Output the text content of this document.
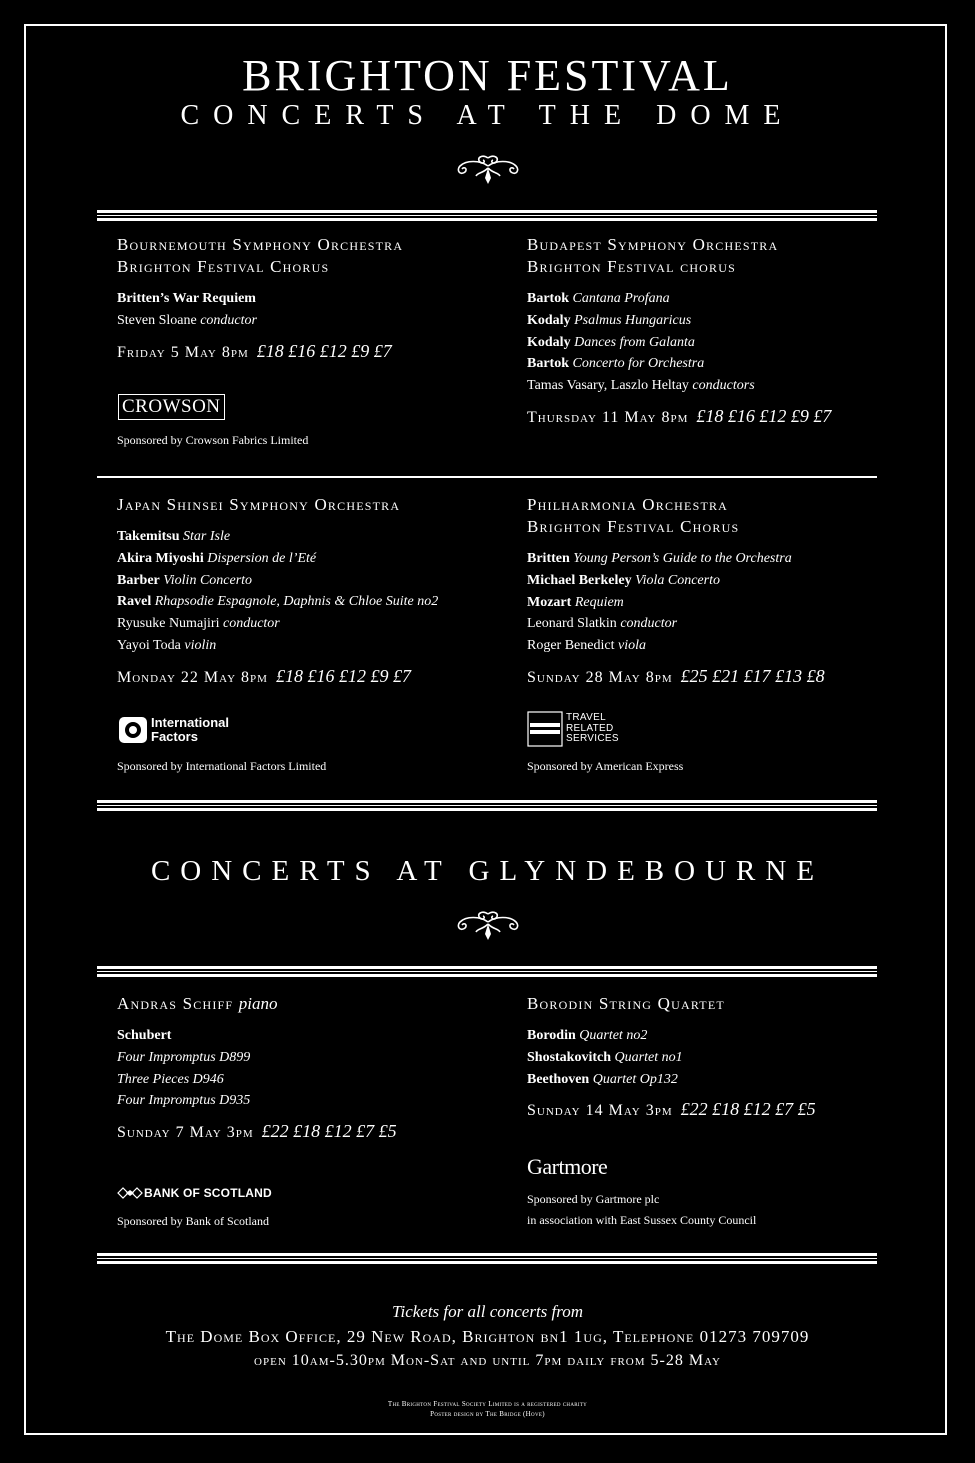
BRIGHTON FESTIVAL
CONCERTS AT THE DOME
Bournemouth Symphony Orchestra
Brighton Festival Chorus
Britten’s War Requiem
Steven Sloane conductor
Friday 5 May 8pm £18 £16 £12 £9 £7
CROWSON
Sponsored by Crowson Fabrics Limited
Budapest Symphony Orchestra
Brighton Festival chorus
Bartok Cantana Profana
Kodaly Psalmus Hungaricus
Kodaly Dances from Galanta
Bartok Concerto for Orchestra
Tamas Vasary, Laszlo Heltay conductors
Thursday 11 May 8pm £18 £16 £12 £9 £7
Japan Shinsei Symphony Orchestra
Takemitsu Star Isle
Akira Miyoshi Dispersion de l’Eté
Barber Violin Concerto
Ravel Rhapsodie Espagnole, Daphnis & Chloe Suite no2
Ryusuke Numajiri conductor
Yayoi Toda violin
Monday 22 May 8pm £18 £16 £12 £9 £7
International Factors
Sponsored by International Factors Limited
Philharmonia Orchestra
Brighton Festival Chorus
Britten Young Person’s Guide to the Orchestra
Michael Berkeley Viola Concerto
Mozart Requiem
Leonard Slatkin conductor
Roger Benedict viola
Sunday 28 May 8pm £25 £21 £17 £13 £8
TRAVEL RELATED SERVICES
Sponsored by American Express
CONCERTS AT GLYNDEBOURNE
Andras Schiff piano
Schubert
Four Impromptus D899
Three Pieces D946
Four Impromptus D935
Sunday 7 May 3pm £22 £18 £12 £7 £5
BANK OF SCOTLAND
Sponsored by Bank of Scotland
Borodin String Quartet
Borodin Quartet no2
Shostakovitch Quartet no1
Beethoven Quartet Op132
Sunday 14 May 3pm £22 £18 £12 £7 £5
Gartmore
Sponsored by Gartmore plc
in association with East Sussex County Council
Tickets for all concerts from
The Dome Box Office, 29 New Road, Brighton bn1 1ug, Telephone 01273 709709
open 10am-5.30pm Mon-Sat and until 7pm daily from 5-28 May
The Brighton Festival Society Limited is a registered charity
Poster design by The Bridge (Hove)
